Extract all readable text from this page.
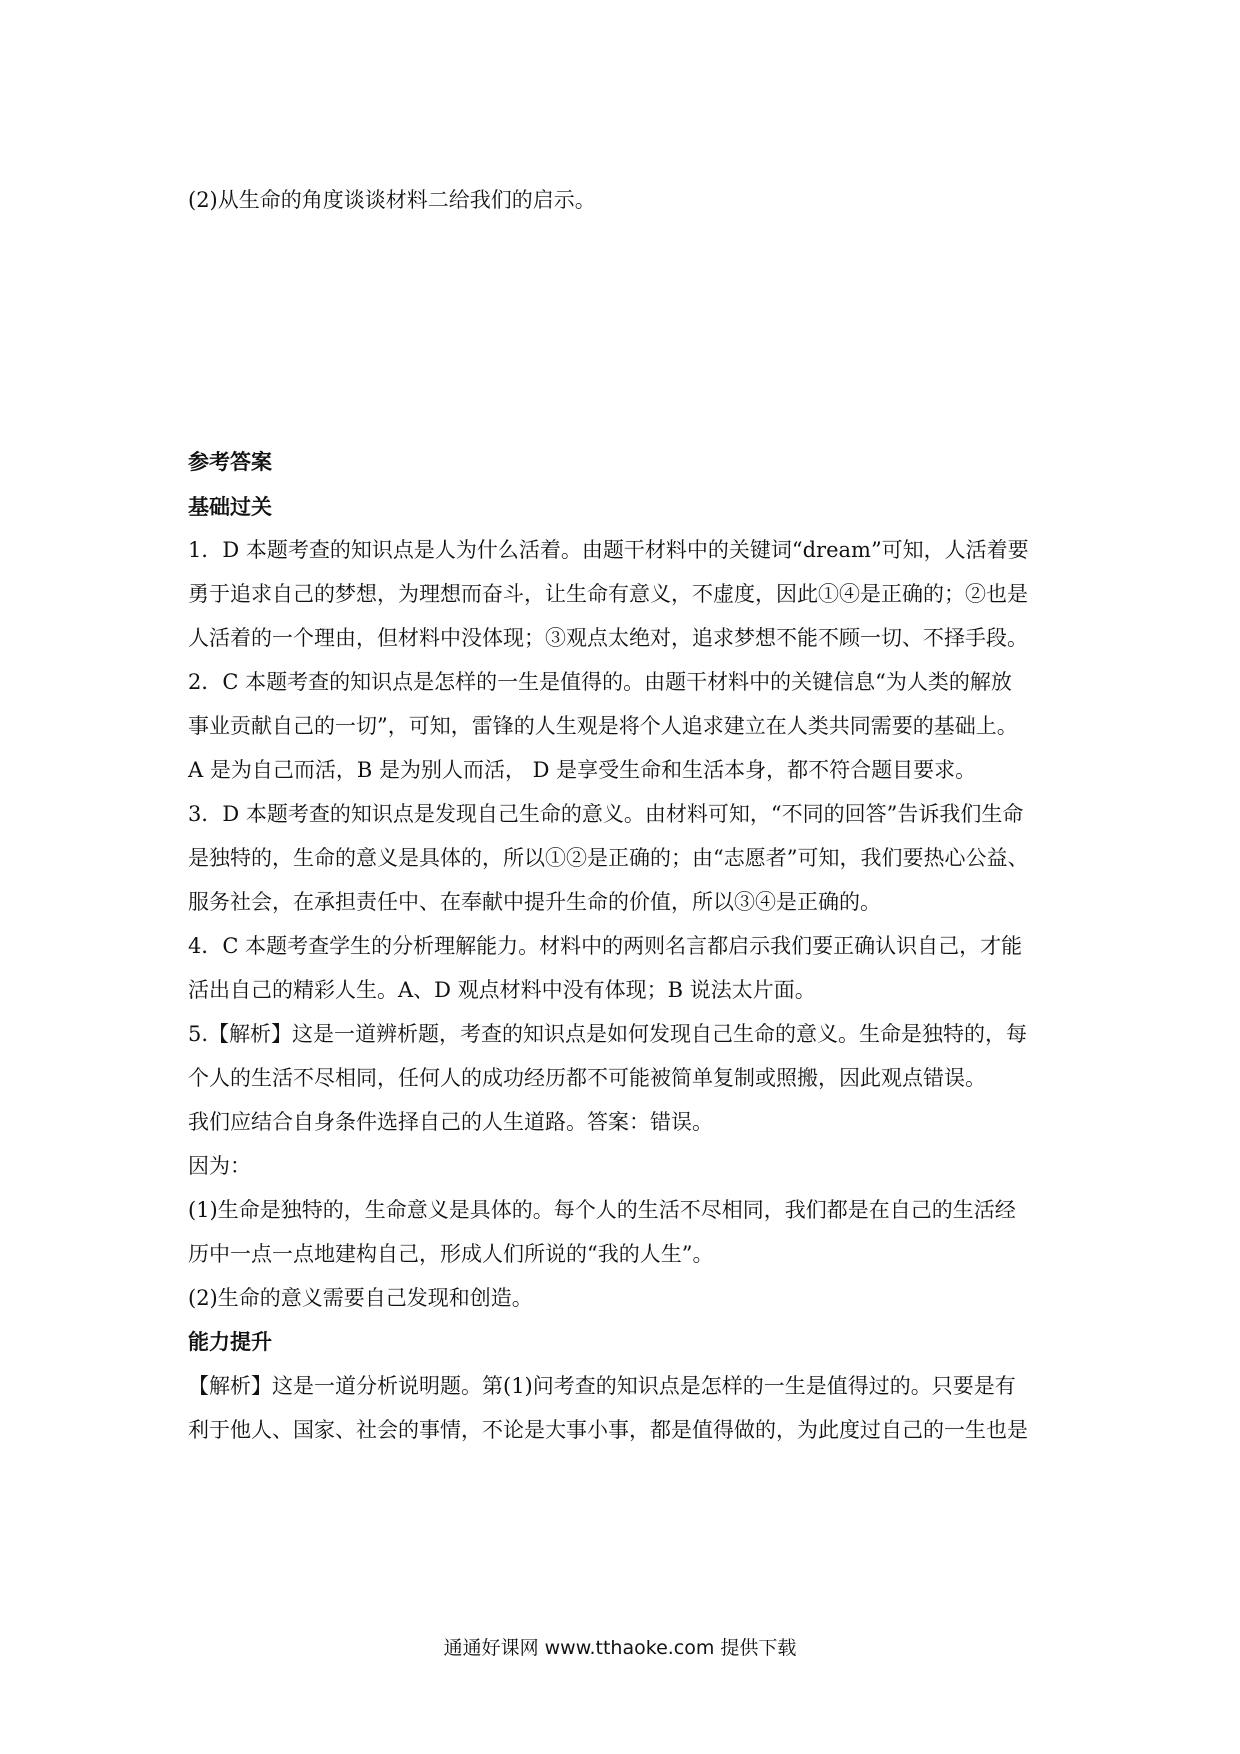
(2)从生命的角度谈谈材料二给我们的启示。
参考答案
基础过关
1．D 本题考查的知识点是人为什么活着。由题干材料中的关键词“dream”可知，人活着要
勇于追求自己的梦想，为理想而奋斗，让生命有意义，不虚度，因此①④是正确的；②也是
人活着的一个理由，但材料中没体现；③观点太绝对，追求梦想不能不顾一切、不择手段。
2．C 本题考查的知识点是怎样的一生是值得的。由题干材料中的关键信息“为人类的解放
事业贡献自己的一切”，可知，雷锋的人生观是将个人追求建立在人类共同需要的基础上。
A 是为自己而活，B 是为别人而活， D 是享受生命和生活本身，都不符合题目要求。
3．D 本题考查的知识点是发现自己生命的意义。由材料可知，“不同的回答”告诉我们生命
是独特的，生命的意义是具体的，所以①②是正确的；由“志愿者”可知，我们要热心公益、
服务社会，在承担责任中、在奉献中提升生命的价值，所以③④是正确的。
4．C 本题考查学生的分析理解能力。材料中的两则名言都启示我们要正确认识自己，才能
活出自己的精彩人生。A、D 观点材料中没有体现；B 说法太片面。
5.【解析】这是一道辨析题，考查的知识点是如何发现自己生命的意义。生命是独特的，每
个人的生活不尽相同，任何人的成功经历都不可能被简单复制或照搬，因此观点错误。
我们应结合自身条件选择自己的人生道路。答案：错误。
因为：
(1)生命是独特的，生命意义是具体的。每个人的生活不尽相同，我们都是在自己的生活经
历中一点一点地建构自己，形成人们所说的“我的人生”。
(2)生命的意义需要自己发现和创造。
能力提升
【解析】这是一道分析说明题。第(1)问考查的知识点是怎样的一生是值得过的。只要是有
利于他人、国家、社会的事情，不论是大事小事，都是值得做的，为此度过自己的一生也是
通通好课网 www.tthaoke.com 提供下载
